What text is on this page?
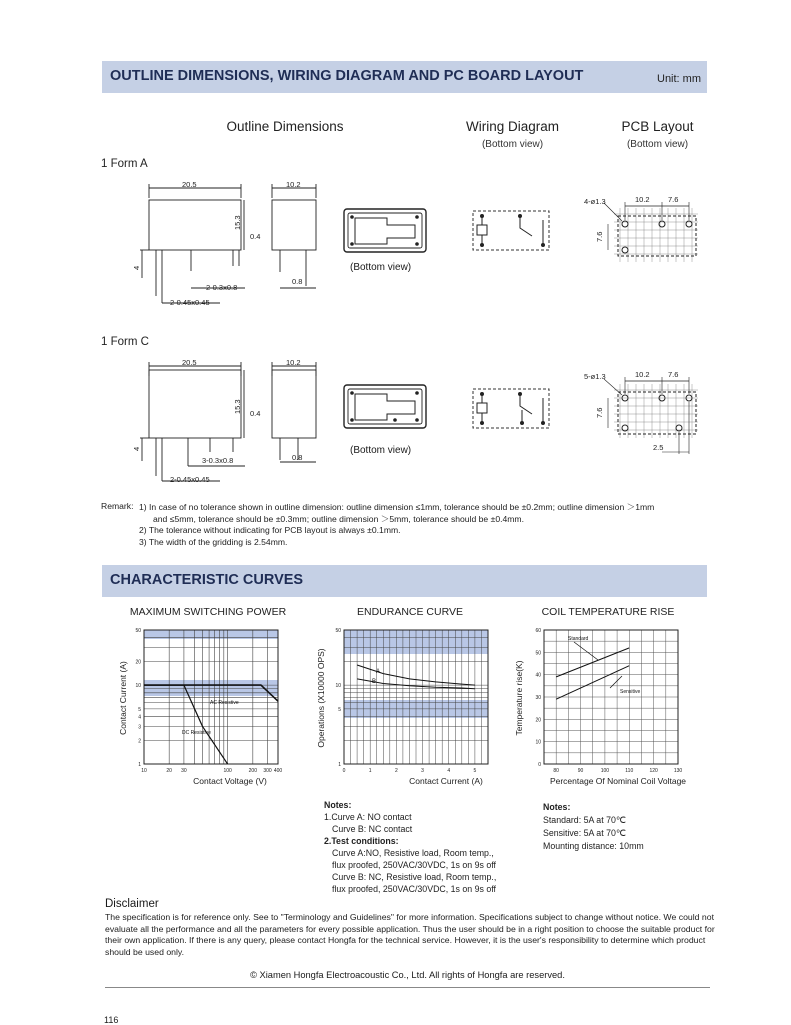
OUTLINE DIMENSIONS, WIRING DIAGRAM AND PC BOARD LAYOUT	Unit: mm
Outline Dimensions	Wiring Diagram
(Bottom view)
PCB Layout
(Bottom view)
1 Form A
1 Form C
20.5
15.3
0.4
4
2-0.3x0.8
2-0.45x0.45
10.2
0.8
(Bottom view)
4-ø1.3	10.2 7.6
7.6
20.5
15.3 0.4
4
3-0.3x0.8
2-0.45x0.45
10.2
0.8
(Bottom view)
5-ø1.3	10.2 7.6
7.6
2.5
Remark: 1) In case of no tolerance shown in outline dimension: outline dimension ≤1mm, tolerance should be ±0.2mm; outline dimension ＞1mm
and ≤5mm, tolerance should be ±0.3mm; outline dimension ＞5mm, tolerance should be ±0.4mm.
2) The tolerance without indicating for PCB layout is always ±0.1mm.
3) The width of the gridding is 2.54mm.
CHARACTERISTIC CURVES
MAXIMUM SWITCHING POWER
50
20
10
5
4
3
2
1
10	20 30	100	200 300 400
AC Resistive
DC Resistive
Contact Current (A)
Contact Voltage (V)
ENDURANCE CURVE
50
10
5
1
0	1	2	3	4	5
A
B
Operations (X10000 OPS)
Contact Current (A)
COIL TEMPERATURE RISE
60
50
40
30
20
10
0
80	90	100	110	120	130
Standard
Sensitive
Temperature rise(K)
Percentage Of Nominal Coil Voltage
Notes:
1.Curve A: NO contact
Curve B: NC contact
2.Test conditions:
Curve A:NO, Resistive load, Room temp.,
flux proofed, 250VAC/30VDC, 1s on 9s off
Curve B: NC, Resistive load, Room temp.,
flux proofed, 250VAC/30VDC, 1s on 9s off
Notes:
Standard: 5A at 70℃
Sensitive: 5A at 70℃
Mounting distance: 10mm
Disclaimer
The specification is for reference only. See to "Terminology and Guidelines" for more information. Specifications subject to change without notice. We could not evaluate all the performance and all the parameters for every possible application. Thus the user should be in a right position to choose the suitable product for their own application. If there is any query, please contact Hongfa for the technical service. However, it is the user's responsibility to determine which product should be used only.
© Xiamen Hongfa Electroacoustic Co., Ltd. All rights of Hongfa are reserved.
116
